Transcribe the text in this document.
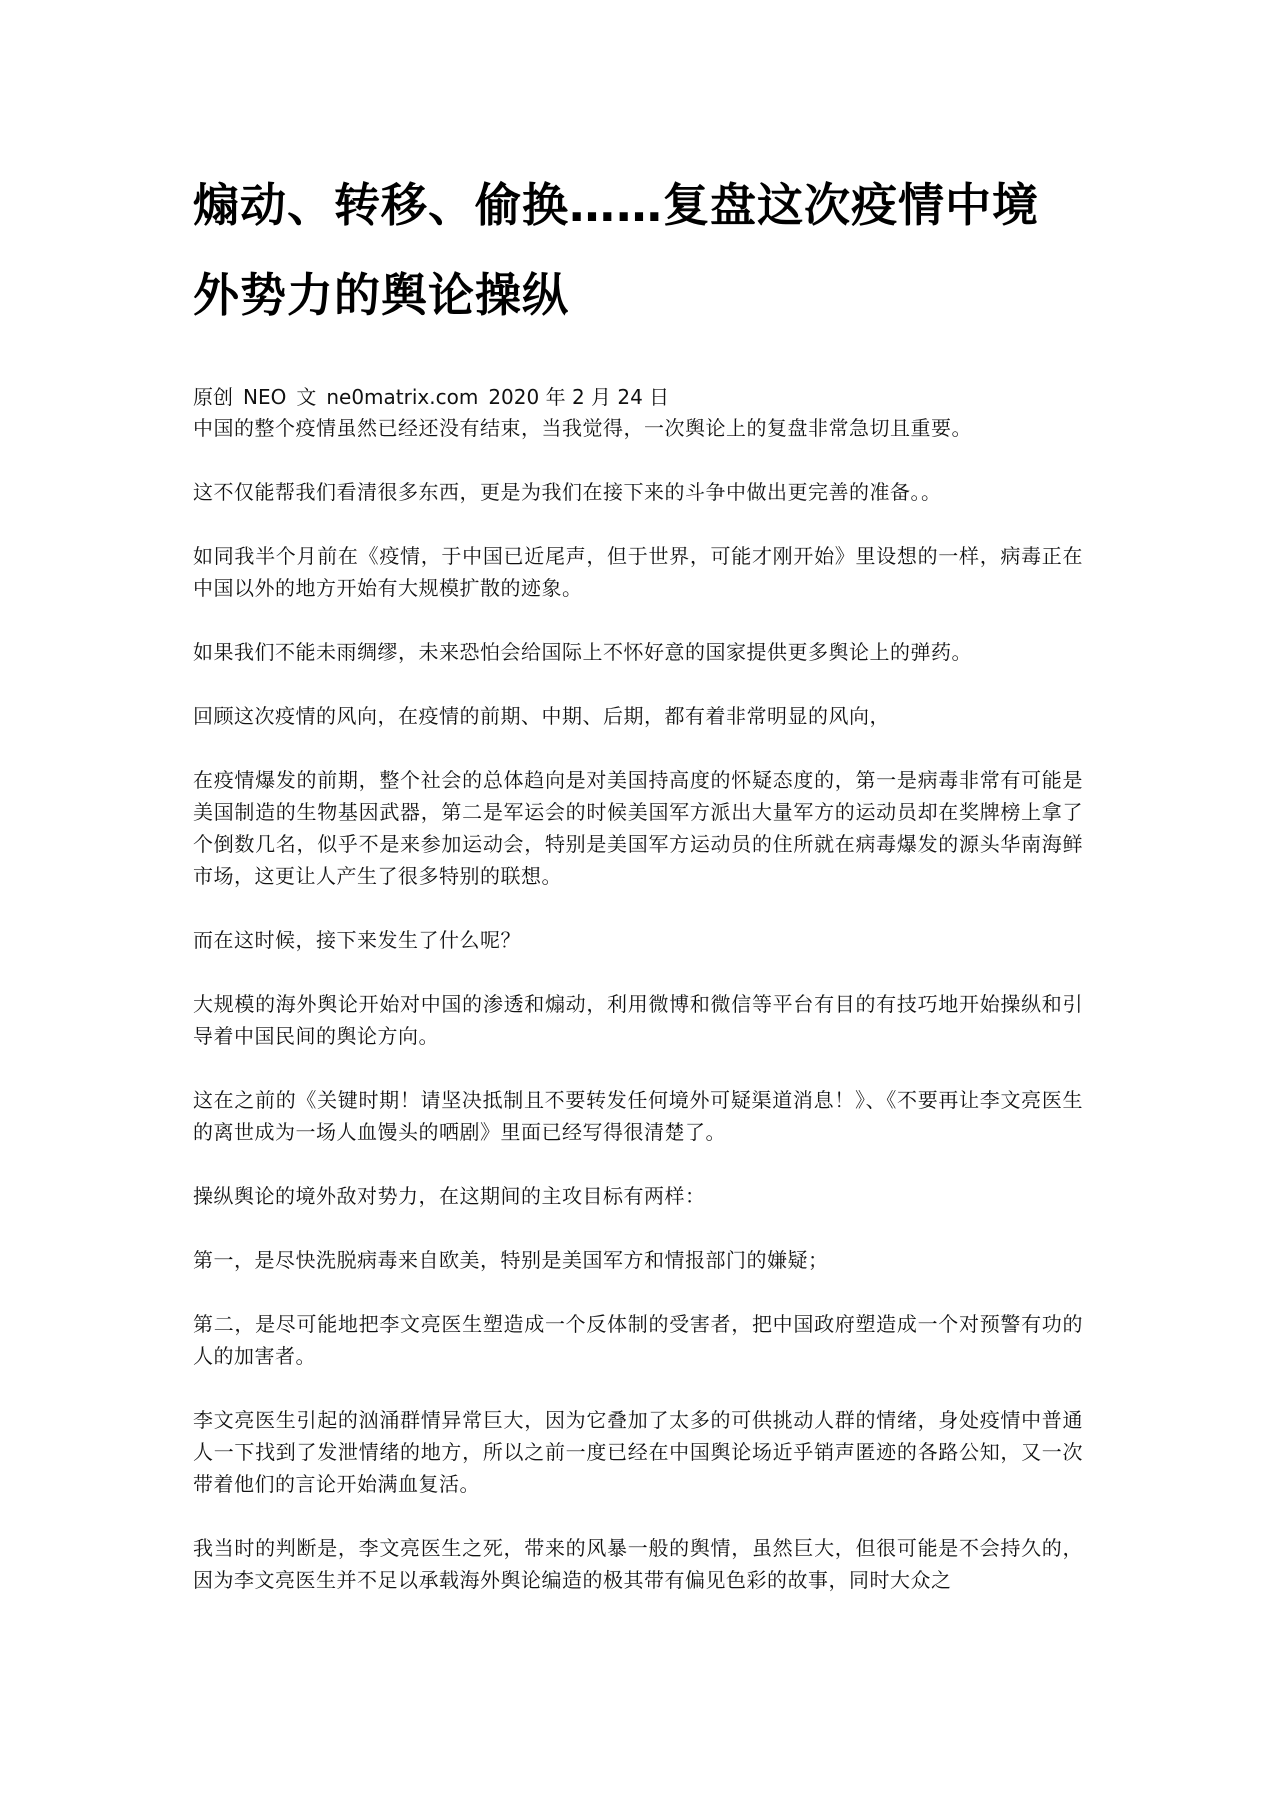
煽动、转移、偷换……复盘这次疫情中境外势力的舆论操纵
原创 NEO 文 ne0matrix.com 2020 年 2 月 24 日

中国的整个疫情虽然已经还没有结束，当我觉得，一次舆论上的复盘非常急切且重要。

这不仅能帮我们看清很多东西，更是为我们在接下来的斗争中做出更完善的准备。。

如同我半个月前在《疫情，于中国已近尾声，但于世界，可能才刚开始》里设想的一样，病毒正在中国以外的地方开始有大规模扩散的迹象。

如果我们不能未雨绸缪，未来恐怕会给国际上不怀好意的国家提供更多舆论上的弹药。

回顾这次疫情的风向，在疫情的前期、中期、后期，都有着非常明显的风向，

在疫情爆发的前期，整个社会的总体趋向是对美国持高度的怀疑态度的，第一是病毒非常有可能是美国制造的生物基因武器，第二是军运会的时候美国军方派出大量军方的运动员却在奖牌榜上拿了个倒数几名，似乎不是来参加运动会，特别是美国军方运动员的住所就在病毒爆发的源头华南海鲜市场，这更让人产生了很多特别的联想。

而在这时候，接下来发生了什么呢？

大规模的海外舆论开始对中国的渗透和煽动，利用微博和微信等平台有目的有技巧地开始操纵和引导着中国民间的舆论方向。

这在之前的《关键时期！请坚决抵制且不要转发任何境外可疑渠道消息！》、《不要再让李文亮医生的离世成为一场人血馒头的哂剧》里面已经写得很清楚了。

操纵舆论的境外敌对势力，在这期间的主攻目标有两样：

第一，是尽快洗脱病毒来自欧美，特别是美国军方和情报部门的嫌疑；

第二，是尽可能地把李文亮医生塑造成一个反体制的受害者，把中国政府塑造成一个对预警有功的人的加害者。

李文亮医生引起的汹涌群情异常巨大，因为它叠加了太多的可供挑动人群的情绪，身处疫情中普通人一下找到了发泄情绪的地方，所以之前一度已经在中国舆论场近乎销声匿迹的各路公知，又一次带着他们的言论开始满血复活。

我当时的判断是，李文亮医生之死，带来的风暴一般的舆情，虽然巨大，但很可能是不会持久的，因为李文亮医生并不足以承载海外舆论编造的极其带有偏见色彩的故事，同时大众之
